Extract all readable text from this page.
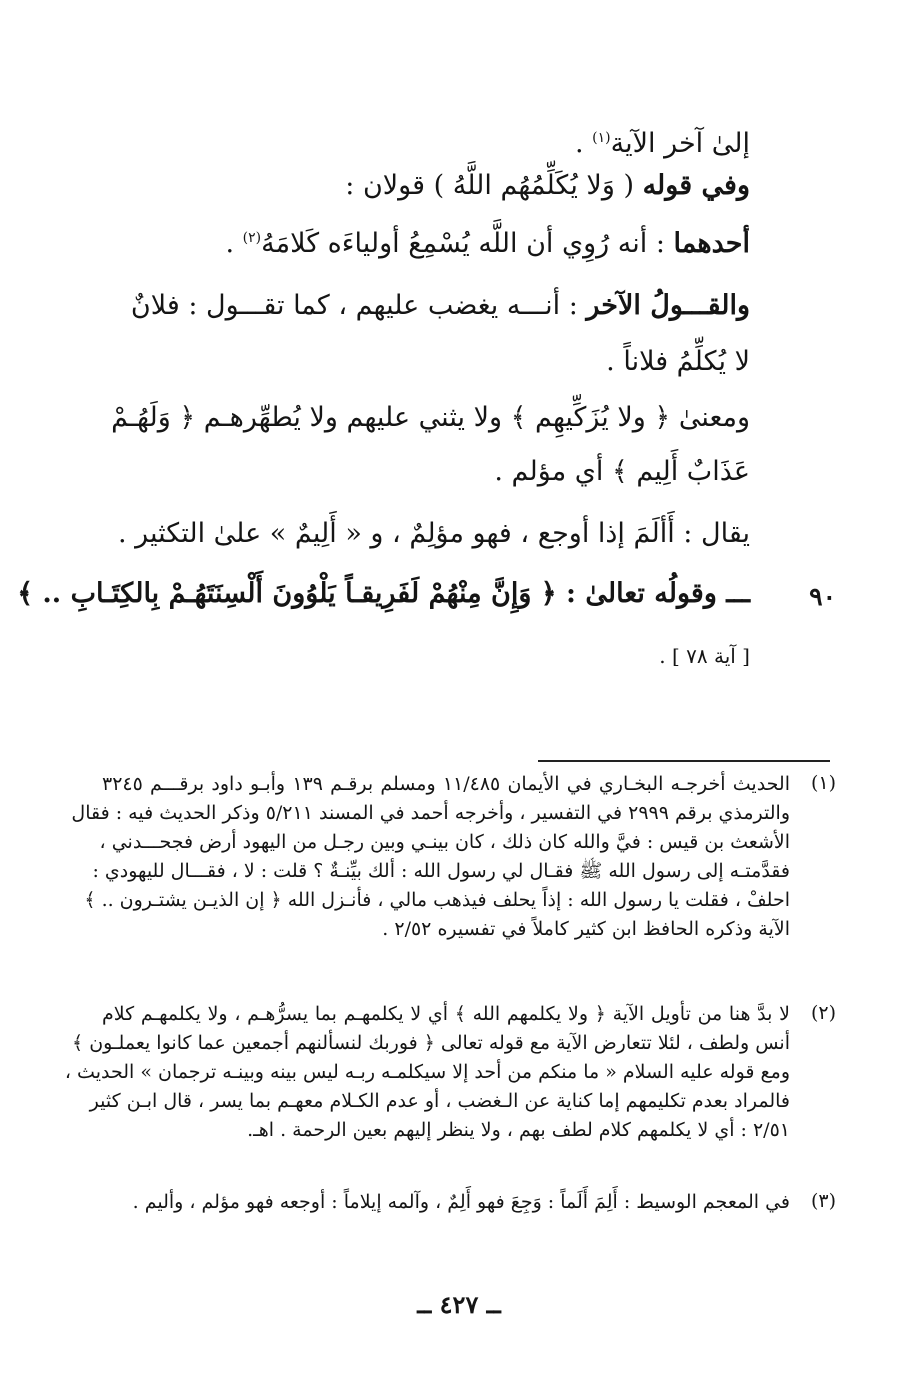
إلىٰ آخر الآية$^{(١)}$ .
وفي قوله ( وَلا يُكَلِّمُهُم اللَّهُ ) قولان :
أحدهما : أنه رُوِي أن اللَّه يُسْمِعُ أولياءَه كَلامَهُ$^{(٢)}$ .
والقـــولُ الآخر : أنـــه يغضب عليهم ، كما تقـــول : فلانٌ
لا يُكلِّمُ فلاناً .
ومعنىٰ ﴿ ولا يُزَكِّيهِم ﴾ ولا يثني عليهم ولا يُطهِّرهـم ﴿ وَلَهُـمْ
عَذَابٌ أَلِيم ﴾ أي مؤلم .
يقال : أَألَمَ إذا أوجع ، فهو مؤلِمٌ ، و « أَلِيمٌ » علىٰ التكثير .
٩٠
ـــ وقولُه تعالىٰ : ﴿ وَإِنَّ مِنْهُمْ لَفَرِيقـاً يَلْوُونَ أَلْسِنَتَهُـمْ بِالكِتَـابِ .. ﴾
[ آية ٧٨ ] .
(١)
الحديث أخرجـه البخـاري في الأيمان ١١/٤٨٥ ومسلم برقـم ١٣٩ وأبـو داود برقـــم ٣٢٤٥
والترمذي برقم ٢٩٩٩ في التفسير ، وأخرجه أحمد في المسند ٥/٢١١ وذكر الحديث فيه : فقال
الأشعث بن قيس : فيَّ والله كان ذلك ، كان بينـي وبين رجـل من اليهود أرض فجحـــدني ،
فقدَّمتـه إلى رسول الله ﷺ فقـال لي رسول الله : ألك بيِّنـةٌ ؟ قلت : لا ، فقـــال لليهودي :
احلفْ ، فقلت يا رسول الله : إذاً يحلف فيذهب مالي ، فأنـزل الله ﴿ إن الذيـن يشتـرون .. ﴾
الآية وذكره الحافظ ابن كثير كاملاً في تفسيره ٢/٥٢ .
(٢)
لا بدَّ هنا من تأويل الآية ﴿ ولا يكلمهم الله ﴾ أي لا يكلمهـم بما يسرُّهـم ، ولا يكلمهـم كلام
أنس ولطف ، لئلا تتعارض الآية مع قوله تعالى ﴿ فوربك لنسألنهم أجمعين عما كانوا يعملـون ﴾
ومع قوله عليه السلام « ما منكم من أحد إلا سيكلمـه ربـه ليس بينه وبينـه ترجمان » الحديث ،
فالمراد بعدم تكليمهم إما كناية عن الـغضب ، أو عدم الكـلام معهـم بما يسر ، قال ابـن كثير
٢/٥١ : أي لا يكلمهم كلام لطف بهم ، ولا ينظر إليهم بعين الرحمة . اهـ.
(٣)
في المعجم الوسيط : أَلِمَ أَلَماً : وَجِعَ فهو أَلِمٌ ، وآلمه إيلاماً : أوجعه فهو مؤلم ، وأليم .
ــ ٤٢٧ ــ
